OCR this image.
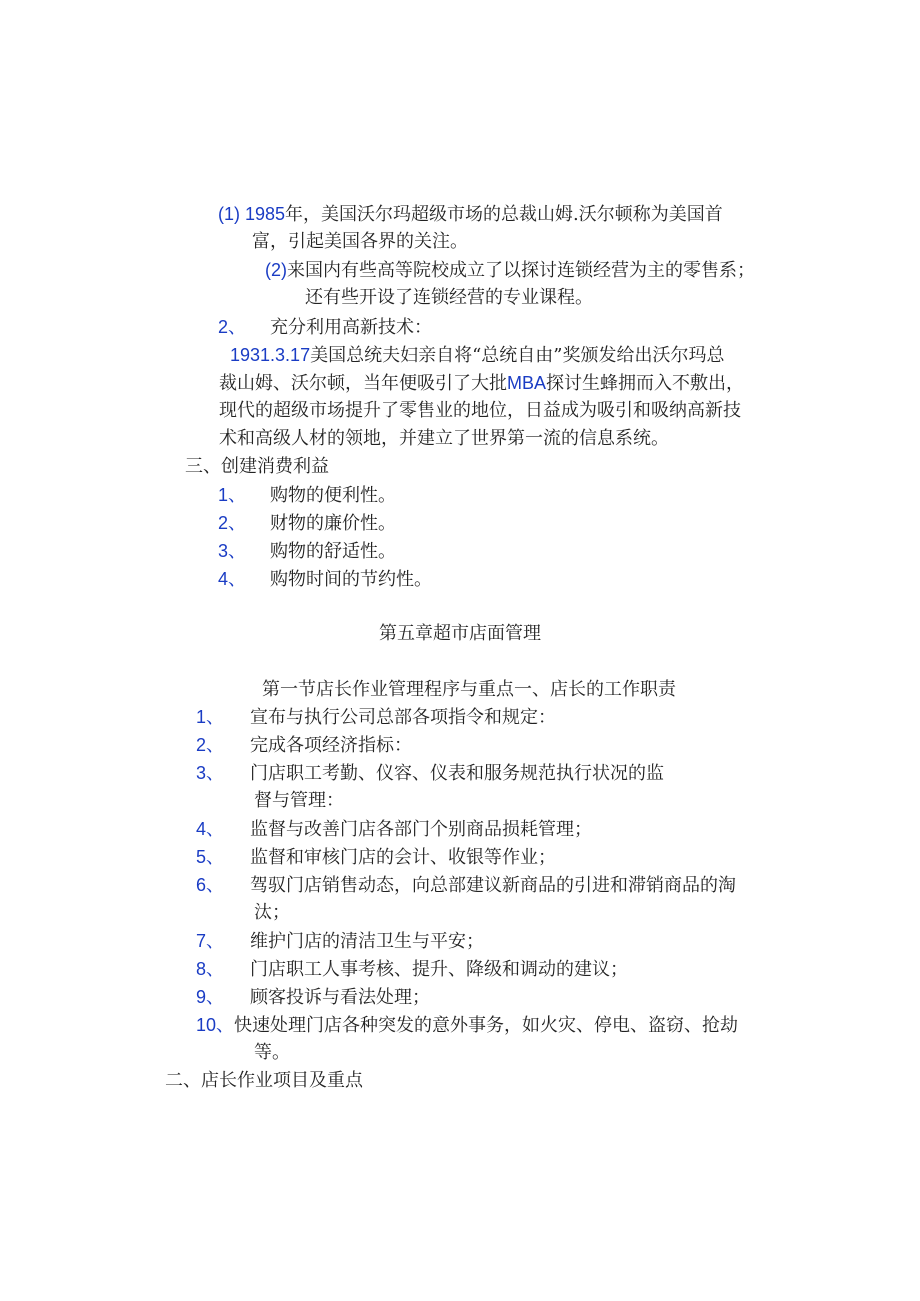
(1) 1985年，美国沃尔玛超级市场的总裁山姆.沃尔顿称为美国首
富，引起美国各界的关注。
(2)来国内有些高等院校成立了以探讨连锁经营为主的零售系；
还有些开设了连锁经营的专业课程。
2、 充分利用高新技术：
1931.3.17美国总统夫妇亲自将“总统自由”奖颁发给出沃尔玛总
裁山姆、沃尔顿，当年便吸引了大批MBA探讨生蜂拥而入不敷出，
现代的超级市场提升了零售业的地位，日益成为吸引和吸纳高新技
术和高级人材的领地，并建立了世界第一流的信息系统。
三、创建消费利益
1、 购物的便利性。
2、 财物的廉价性。
3、 购物的舒适性。
4、 购物时间的节约性。
第五章超市店面管理
第一节店长作业管理程序与重点一、店长的工作职责
1、 宣布与执行公司总部各项指令和规定：
2、 完成各项经济指标：
3、 门店职工考勤、仪容、仪表和服务规范执行状况的监
督与管理：
4、 监督与改善门店各部门个别商品损耗管理；
5、 监督和审核门店的会计、收银等作业；
6、 驾驭门店销售动态，向总部建议新商品的引进和滞销商品的淘
汰；
7、 维护门店的清洁卫生与平安；
8、 门店职工人事考核、提升、降级和调动的建议；
9、 顾客投诉与看法处理；
10、快速处理门店各种突发的意外事务，如火灾、停电、盗窃、抢劫
等。
二、店长作业项目及重点
